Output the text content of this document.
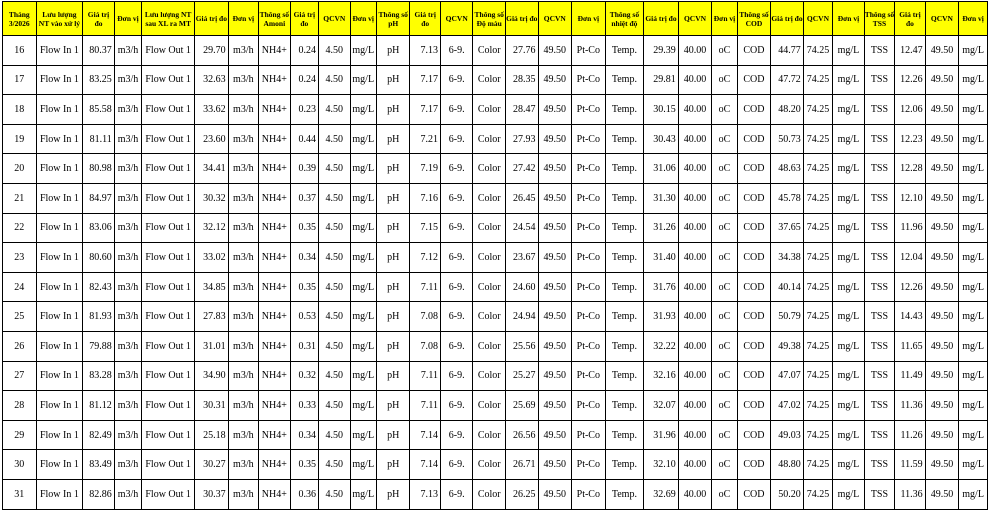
Tháng 3/2026	Lưu lượng NT vào xử lý	Giá trị đo	Đơn vị	Lưu lượng NT sau XL ra MT	Giá trị đo	Đơn vị	Thông số Amoni	Giá trị đo	QCVN	Đơn vị	Thông số pH	Giá trị đo	QCVN	Thông số Độ màu	Giá trị đo	QCVN	Đơn vị	Thông số nhiệt độ	Giá trị đo	QCVN	Đơn vị	Thông số COD	Giá trị đo	QCVN	Đơn vị	Thông số TSS	Giá trị đo	QCVN	Đơn vị
16	Flow In 1	80.37	m3/h	Flow Out 1	29.70	m3/h	NH4+	0.24	4.50	mg/L	pH	7.13	6-9.	Color	27.76	49.50	Pt-Co	Temp.	29.39	40.00	oC	COD	44.77	74.25	mg/L	TSS	12.47	49.50	mg/L
17	Flow In 1	83.25	m3/h	Flow Out 1	32.63	m3/h	NH4+	0.24	4.50	mg/L	pH	7.17	6-9.	Color	28.35	49.50	Pt-Co	Temp.	29.81	40.00	oC	COD	47.72	74.25	mg/L	TSS	12.26	49.50	mg/L
18	Flow In 1	85.58	m3/h	Flow Out 1	33.62	m3/h	NH4+	0.23	4.50	mg/L	pH	7.17	6-9.	Color	28.47	49.50	Pt-Co	Temp.	30.15	40.00	oC	COD	48.20	74.25	mg/L	TSS	12.06	49.50	mg/L
19	Flow In 1	81.11	m3/h	Flow Out 1	23.60	m3/h	NH4+	0.44	4.50	mg/L	pH	7.21	6-9.	Color	27.93	49.50	Pt-Co	Temp.	30.43	40.00	oC	COD	50.73	74.25	mg/L	TSS	12.23	49.50	mg/L
20	Flow In 1	80.98	m3/h	Flow Out 1	34.41	m3/h	NH4+	0.39	4.50	mg/L	pH	7.19	6-9.	Color	27.42	49.50	Pt-Co	Temp.	31.06	40.00	oC	COD	48.63	74.25	mg/L	TSS	12.28	49.50	mg/L
21	Flow In 1	84.97	m3/h	Flow Out 1	30.32	m3/h	NH4+	0.37	4.50	mg/L	pH	7.16	6-9.	Color	26.45	49.50	Pt-Co	Temp.	31.30	40.00	oC	COD	45.78	74.25	mg/L	TSS	12.10	49.50	mg/L
22	Flow In 1	83.06	m3/h	Flow Out 1	32.12	m3/h	NH4+	0.35	4.50	mg/L	pH	7.15	6-9.	Color	24.54	49.50	Pt-Co	Temp.	31.26	40.00	oC	COD	37.65	74.25	mg/L	TSS	11.96	49.50	mg/L
23	Flow In 1	80.60	m3/h	Flow Out 1	33.02	m3/h	NH4+	0.34	4.50	mg/L	pH	7.12	6-9.	Color	23.67	49.50	Pt-Co	Temp.	31.40	40.00	oC	COD	34.38	74.25	mg/L	TSS	12.04	49.50	mg/L
24	Flow In 1	82.43	m3/h	Flow Out 1	34.85	m3/h	NH4+	0.35	4.50	mg/L	pH	7.11	6-9.	Color	24.60	49.50	Pt-Co	Temp.	31.76	40.00	oC	COD	40.14	74.25	mg/L	TSS	12.26	49.50	mg/L
25	Flow In 1	81.93	m3/h	Flow Out 1	27.83	m3/h	NH4+	0.53	4.50	mg/L	pH	7.08	6-9.	Color	24.94	49.50	Pt-Co	Temp.	31.93	40.00	oC	COD	50.79	74.25	mg/L	TSS	14.43	49.50	mg/L
26	Flow In 1	79.88	m3/h	Flow Out 1	31.01	m3/h	NH4+	0.31	4.50	mg/L	pH	7.08	6-9.	Color	25.56	49.50	Pt-Co	Temp.	32.22	40.00	oC	COD	49.38	74.25	mg/L	TSS	11.65	49.50	mg/L
27	Flow In 1	83.28	m3/h	Flow Out 1	34.90	m3/h	NH4+	0.32	4.50	mg/L	pH	7.11	6-9.	Color	25.27	49.50	Pt-Co	Temp.	32.16	40.00	oC	COD	47.07	74.25	mg/L	TSS	11.49	49.50	mg/L
28	Flow In 1	81.12	m3/h	Flow Out 1	30.31	m3/h	NH4+	0.33	4.50	mg/L	pH	7.11	6-9.	Color	25.69	49.50	Pt-Co	Temp.	32.07	40.00	oC	COD	47.02	74.25	mg/L	TSS	11.36	49.50	mg/L
29	Flow In 1	82.49	m3/h	Flow Out 1	25.18	m3/h	NH4+	0.34	4.50	mg/L	pH	7.14	6-9.	Color	26.56	49.50	Pt-Co	Temp.	31.96	40.00	oC	COD	49.03	74.25	mg/L	TSS	11.26	49.50	mg/L
30	Flow In 1	83.49	m3/h	Flow Out 1	30.27	m3/h	NH4+	0.35	4.50	mg/L	pH	7.14	6-9.	Color	26.71	49.50	Pt-Co	Temp.	32.10	40.00	oC	COD	48.80	74.25	mg/L	TSS	11.59	49.50	mg/L
31	Flow In 1	82.86	m3/h	Flow Out 1	30.37	m3/h	NH4+	0.36	4.50	mg/L	pH	7.13	6-9.	Color	26.25	49.50	Pt-Co	Temp.	32.69	40.00	oC	COD	50.20	74.25	mg/L	TSS	11.36	49.50	mg/L
